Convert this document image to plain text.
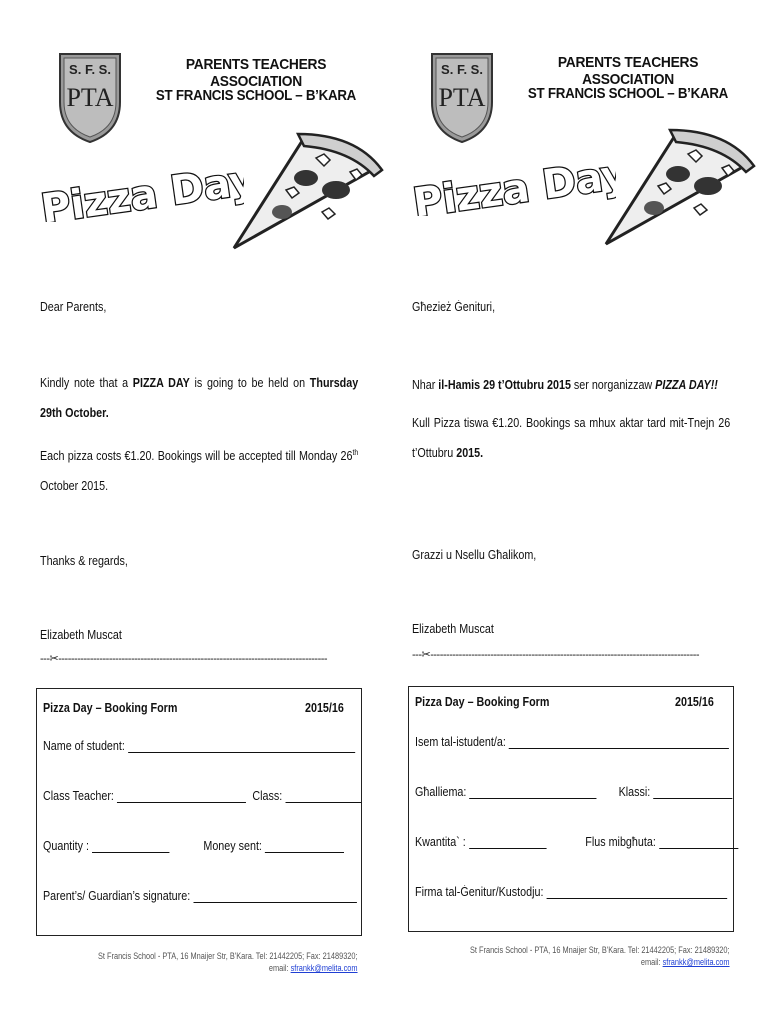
S. F. S.
PTA
PARENTS TEACHERS ASSOCIATION
ST FRANCIS SCHOOL – B’KARA
Pizza Day
Dear Parents,
Kindly note that a PIZZA DAY is going to be held on Thursday 29th October.
Each pizza costs €1.20. Bookings will be accepted till Monday 26th October 2015.
Thanks & regards,
Elizabeth Muscat
---✂-------------------------------------------------------------------------------------
Pizza Day – Booking Form	2015/16
Name of student:
Class Teacher:	Class:
Quantity :	Money sent:
Parent’s/ Guardian’s signature:
St Francis School - PTA, 16 Mnaijer Str, B'Kara. Tel: 21442205; Fax: 21489320;
email: sfrankk@melita.com
S. F. S.
PTA
PARENTS TEACHERS ASSOCIATION
ST FRANCIS SCHOOL – B’KARA
Pizza Day
Għezież Ġenituri,
Nhar il-Hamis 29 t’Ottubru 2015 ser norganizzaw PIZZA DAY!!
Kull Pizza tiswa €1.20. Bookings sa mhux aktar tard mit-Tnejn 26 t’Ottubru 2015.
Grazzi u Nsellu Għalikom,
Elizabeth Muscat
---✂-------------------------------------------------------------------------------------
Pizza Day – Booking Form	2015/16
Isem tal-istudent/a:
Għalliema:	Klassi:
Kwantita` :	Flus mibgħuta:
Firma tal-Ġenitur/Kustodju:
St Francis School - PTA, 16 Mnaijer Str, B'Kara. Tel: 21442205; Fax: 21489320;
email: sfrankk@melita.com
